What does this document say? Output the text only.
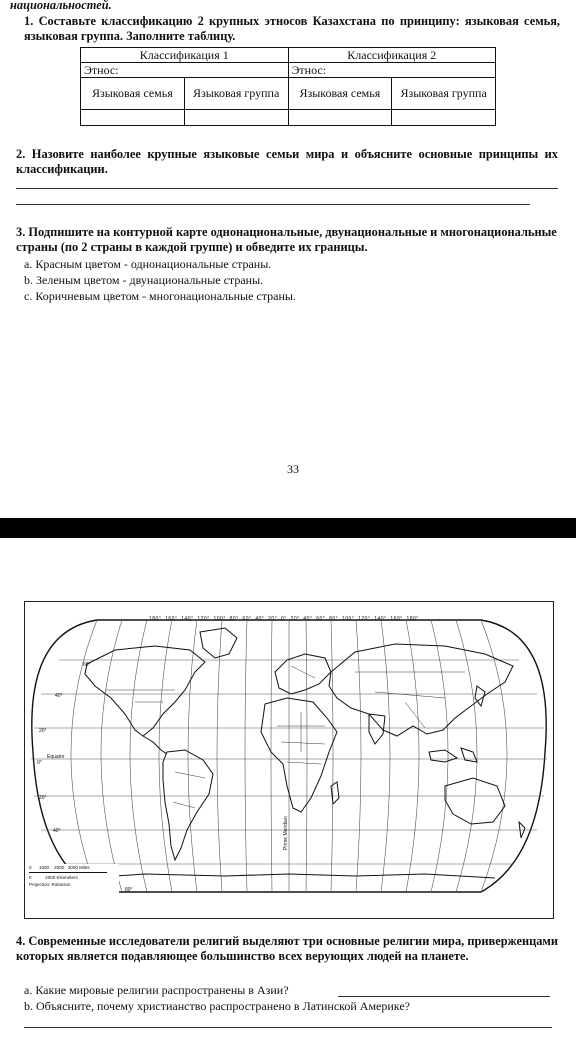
национальностей.
1. Составьте классификацию 2 крупных этносов Казахстана по принципу: языковая семья, языковая группа. Заполните таблицу.
Классификация 1		Классификация 2	
Этнос:		Этнос:	
Языковая семья	Языковая группа	Языковая семья	Языковая группа

2. Назовите наиболее крупные языковые семьи мира и объясните основные принципы их классификации.
3. Подпишите на контурной карте однонациональные, двунациональные и многонациональные страны (по 2 страны в каждой группе) и обведите их границы.
a. Красным цветом - однонациональные страны.
b. Зеленым цветом - двунациональные страны.
c. Коричневым цветом - многонациональные страны.
33
180° 160° 140° 120° 100° 80° 60° 40° 20° 0° 20° 40° 60° 80° 100° 120° 140° 160° 180°
60°
40°
20°
0°
Equator
20°
40°
80°
Prime Meridian
0 1000 2000 3000 Miles
0	2000 Kilometers
Projection: Robinson
4. Современные исследователи религий выделяют три основные религии мира, приверженцами которых является подавляющее большинство всех верующих людей на планете.
a. Какие мировые религии распространены в Азии?
b. Объясните, почему христианство распространено в Латинской Америке?
